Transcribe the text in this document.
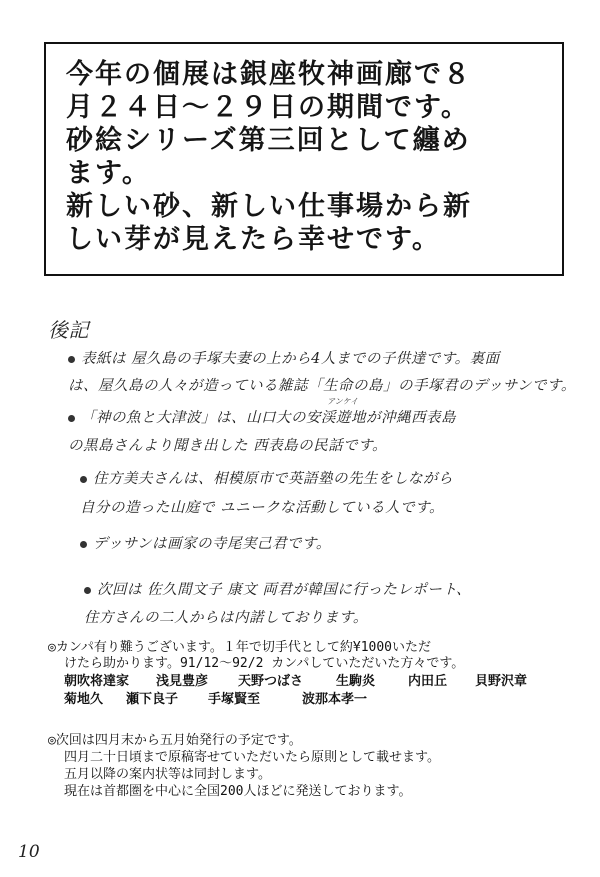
今年の個展は銀座牧神画廊で８
月２４日〜２９日の期間です。
砂絵シリーズ第三回として纏め
ます。
新しい砂、新しい仕事場から新
しい芽が見えたら幸せです。
後記
表紙は 屋久島の手塚夫妻の上から4人までの子供達です。裏面
は、屋久島の人々が造っている雑誌「生命の島」の手塚君のデッサンです。
アンケイ
「神の魚と大津波」は、山口大の安渓遊地が沖縄西表島
の黒島さんより聞き出した 西表島の民話です。
住方美夫さんは、相模原市で英語塾の先生をしながら
自分の造った山庭で ユニークな活動している人です。
デッサンは画家の寺尾実己君です。
次回は 佐久間文子 康文 両君が韓国に行ったレポート、
住方さんの二人からは内諾しております。
◎カンパ有り難うございます。１年で切手代として約¥1000いただ
けたら助かります。91/12〜92/2 カンパしていただいた方々です。
朝吹将達家 浅見豊彦 天野つばさ	生駒炎	内田丘 貝野沢章
菊地久 瀬下良子 手塚賢至	波那本孝一
◎次回は四月末から五月始発行の予定です。
四月二十日頃まで原稿寄せていただいたら原則として載せます。
五月以降の案内状等は同封します。
現在は首都圏を中心に全国200人ほどに発送しております。
10
